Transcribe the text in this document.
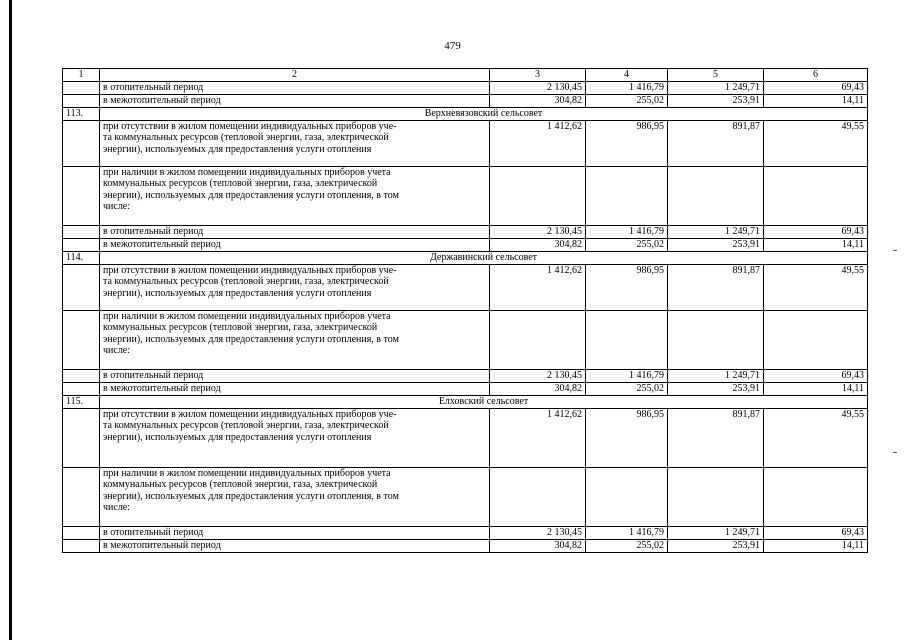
479
1	2	3	4	5	6
	в отопительный период	2 130,45	1 416,79	1 249,71	69,43
	в межотопительный период	304,82	255,02	253,91	14,11
113.	Верхневязовский сельсовет				

	при отсутствии в жилом помещении индивидуальных приборов уче-
та коммунальных ресурсов (тепловой энергии, газа, электрической
энергии), используемых для предоставления услуги отопления	1 412,62	986,95	891,87	49,55

	при наличии в жилом помещении индивидуальных приборов учета
коммунальных ресурсов (тепловой энергии, газа, электрической
энергии), используемых для предоставления услуги отопления, в том
числе:				

	в отопительный период	2 130,45	1 416,79	1 249,71	69,43
	в межотопительный период	304,82	255,02	253,91	14,11
114.	Державинский сельсовет				

	при отсутствии в жилом помещении индивидуальных приборов уче-
та коммунальных ресурсов (тепловой энергии, газа, электрической
энергии), используемых для предоставления услуги отопления	1 412,62	986,95	891,87	49,55

	при наличии в жилом помещении индивидуальных приборов учета
коммунальных ресурсов (тепловой энергии, газа, электрической
энергии), используемых для предоставления услуги отопления, в том
числе:				

	в отопительный период	2 130,45	1 416,79	1 249,71	69,43
	в межотопительный период	304,82	255,02	253,91	14,11
115.	Елховский сельсовет				

	при отсутствии в жилом помещении индивидуальных приборов уче-
та коммунальных ресурсов (тепловой энергии, газа, электрической
энергии), используемых для предоставления услуги отопления	1 412,62	986,95	891,87	49,55

	при наличии в жилом помещении индивидуальных приборов учета
коммунальных ресурсов (тепловой энергии, газа, электрической
энергии), используемых для предоставления услуги отопления, в том
числе:				

	в отопительный период	2 130,45	1 416,79	1 249,71	69,43
	в межотопительный период	304,82	255,02	253,91	14,11
